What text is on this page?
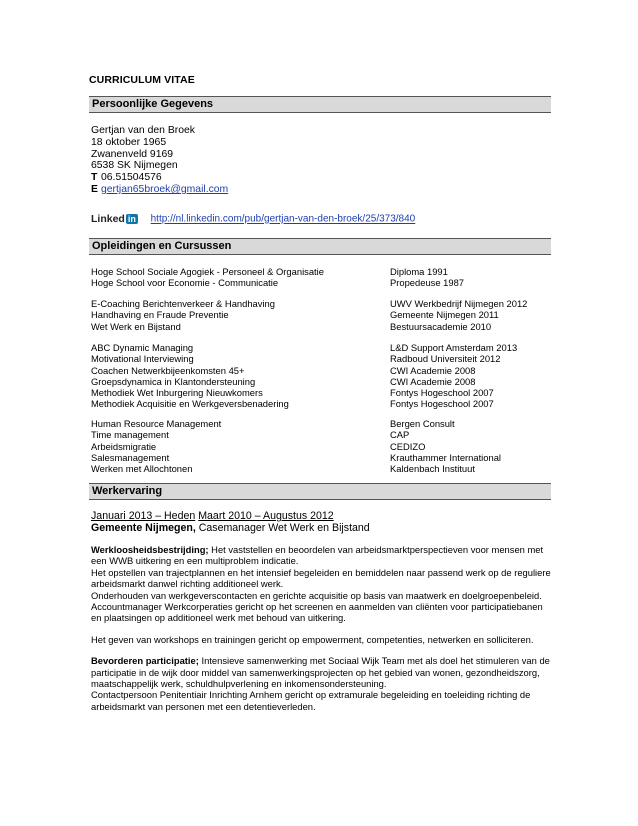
CURRICULUM VITAE
Persoonlijke Gegevens
Gertjan van den Broek
18 oktober 1965
Zwanenveld 9169
6538 SK Nijmegen
T 06.51504576
E gertjan65broek@gmail.com
Linked in http://nl.linkedin.com/pub/gertjan-van-den-broek/25/373/840
Opleidingen en Cursussen
Hoge School Sociale Agogiek - Personeel & Organisatie	Diploma 1991
Hoge School voor Economie - Communicatie	Propedeuse 1987
E-Coaching Berichtenverkeer & Handhaving	UWV Werkbedrijf Nijmegen 2012
Handhaving en Fraude Preventie	Gemeente Nijmegen 2011
Wet Werk en Bijstand	Bestuursacademie 2010
ABC Dynamic Managing	L&D Support Amsterdam 2013
Motivational Interviewing	Radboud Universiteit 2012
Coachen Netwerkbijeenkomsten 45+	CWI Academie 2008
Groepsdynamica in Klantondersteuning	CWI Academie 2008
Methodiek Wet Inburgering Nieuwkomers	Fontys Hogeschool 2007
Methodiek Acquisitie en Werkgeversbenadering	Fontys Hogeschool 2007
Human Resource Management	Bergen Consult
Time management	CAP
Arbeidsmigratie	CEDIZO
Salesmanagement	Krauthammer International
Werken met Allochtonen	Kaldenbach Instituut
Werkervaring
Januari 2013 – Heden Maart 2010 – Augustus 2012
Gemeente Nijmegen, Casemanager Wet Werk en Bijstand

Werkloosheidsbestrijding; Het vaststellen en beoordelen van arbeidsmarktperspectieven voor mensen met een WWB uitkering en een multiproblem indicatie.
Het opstellen van trajectplannen en het intensief begeleiden en bemiddelen naar passend werk op de reguliere arbeidsmarkt danwel richting additioneel werk.
Onderhouden van werkgeverscontacten en gerichte acquisitie op basis van maatwerk en doelgroepenbeleid.
Accountmanager Werkcorperaties gericht op het screenen en aanmelden van cliënten voor participatiebanen en plaatsingen op additioneel werk met behoud van uitkering.

Het geven van workshops en trainingen gericht op empowerment, competenties, netwerken en solliciteren.

Bevorderen participatie; Intensieve samenwerking met Sociaal Wijk Team met als doel het stimuleren van de participatie in de wijk door middel van samenwerkingsprojecten op het gebied van wonen, gezondheidszorg, maatschappelijk werk, schuldhulpverlening en inkomensondersteuning.
Contactpersoon Penitentiair Inrichting Arnhem gericht op extramurale begeleiding en toeleiding richting de arbeidsmarkt van personen met een detentieverleden.
